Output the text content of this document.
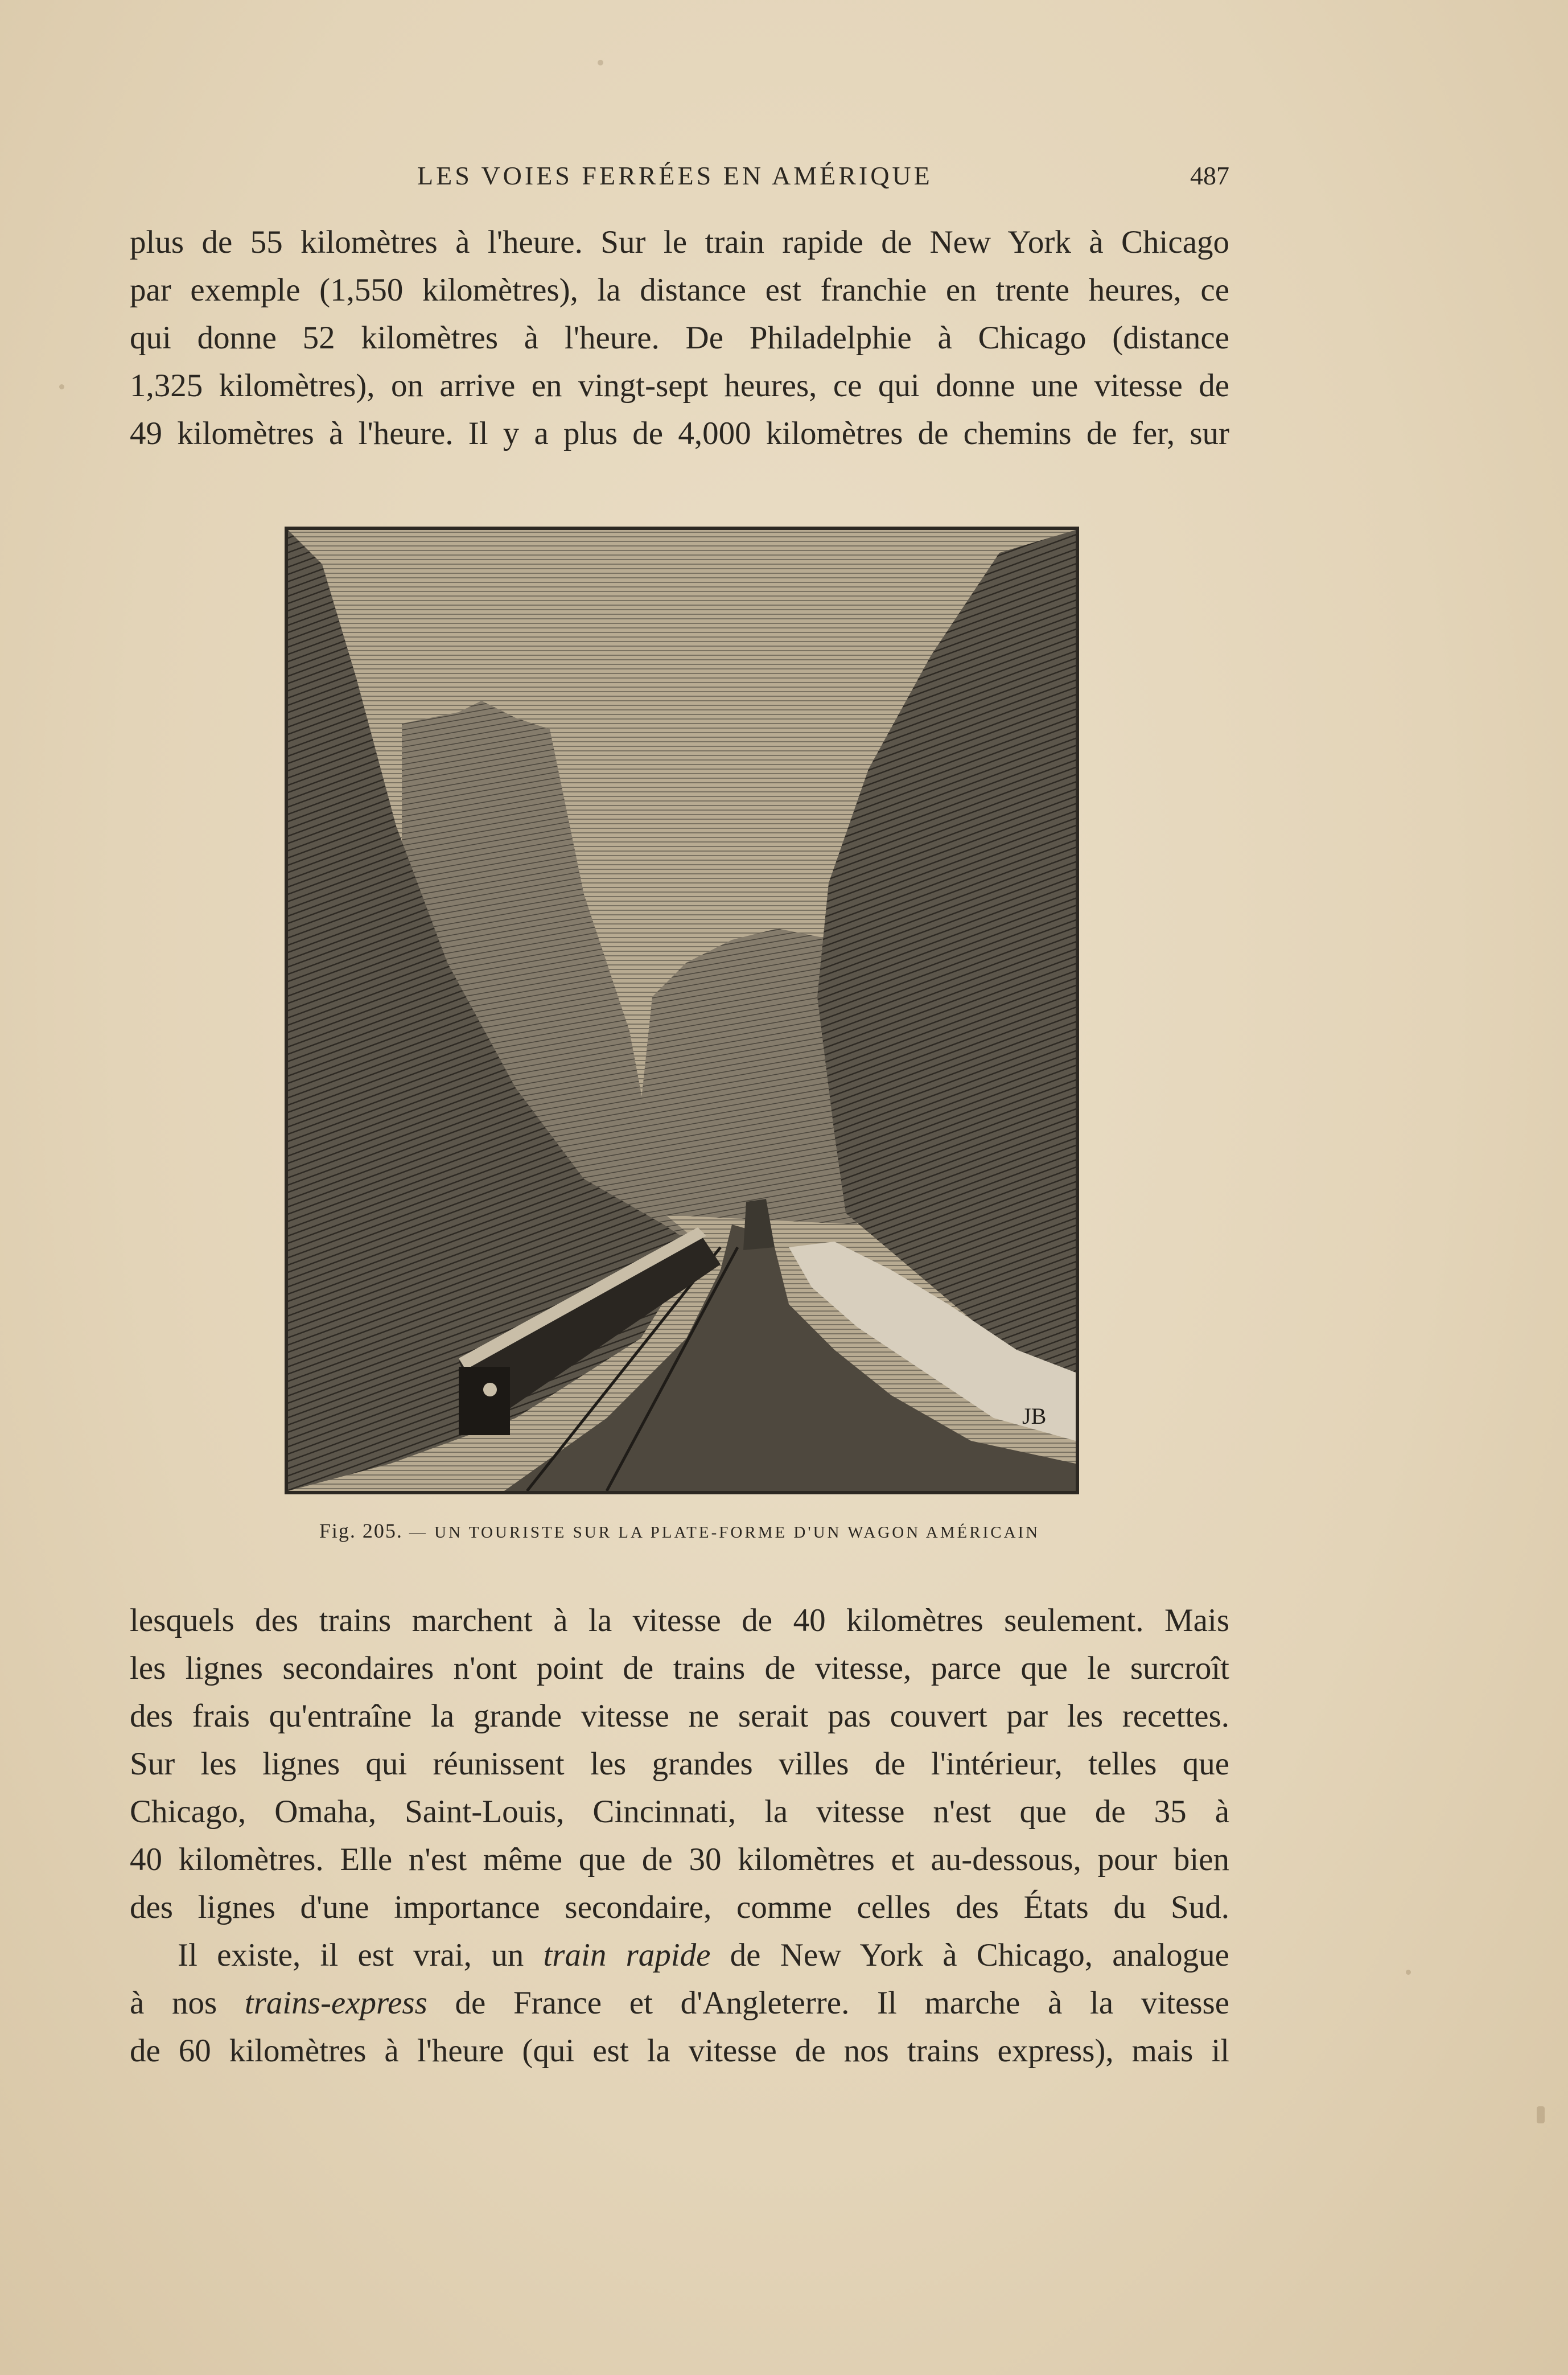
LES VOIES FERRÉES EN AMÉRIQUE	487
plus de 55 kilomètres à l'heure. Sur le train rapide de New York à Chicago
par exemple (1,550 kilomètres), la distance est franchie en trente heures, ce
qui donne 52 kilomètres à l'heure. De Philadelphie à Chicago (distance
1,325 kilomètres), on arrive en vingt-sept heures, ce qui donne une vitesse de
49 kilomètres à l'heure. Il y a plus de 4,000 kilomètres de chemins de fer, sur
JB
Fig. 205. — UN TOURISTE SUR LA PLATE-FORME D'UN WAGON AMÉRICAIN
lesquels des trains marchent à la vitesse de 40 kilomètres seulement. Mais
les lignes secondaires n'ont point de trains de vitesse, parce que le surcroît
des frais qu'entraîne la grande vitesse ne serait pas couvert par les recettes.
Sur les lignes qui réunissent les grandes villes de l'intérieur, telles que
Chicago, Omaha, Saint-Louis, Cincinnati, la vitesse n'est que de 35 à
40 kilomètres. Elle n'est même que de 30 kilomètres et au-dessous, pour bien
des lignes d'une importance secondaire, comme celles des États du Sud.
Il existe, il est vrai, un train rapide de New York à Chicago, analogue
à nos trains-express de France et d'Angleterre. Il marche à la vitesse
de 60 kilomètres à l'heure (qui est la vitesse de nos trains express), mais il
